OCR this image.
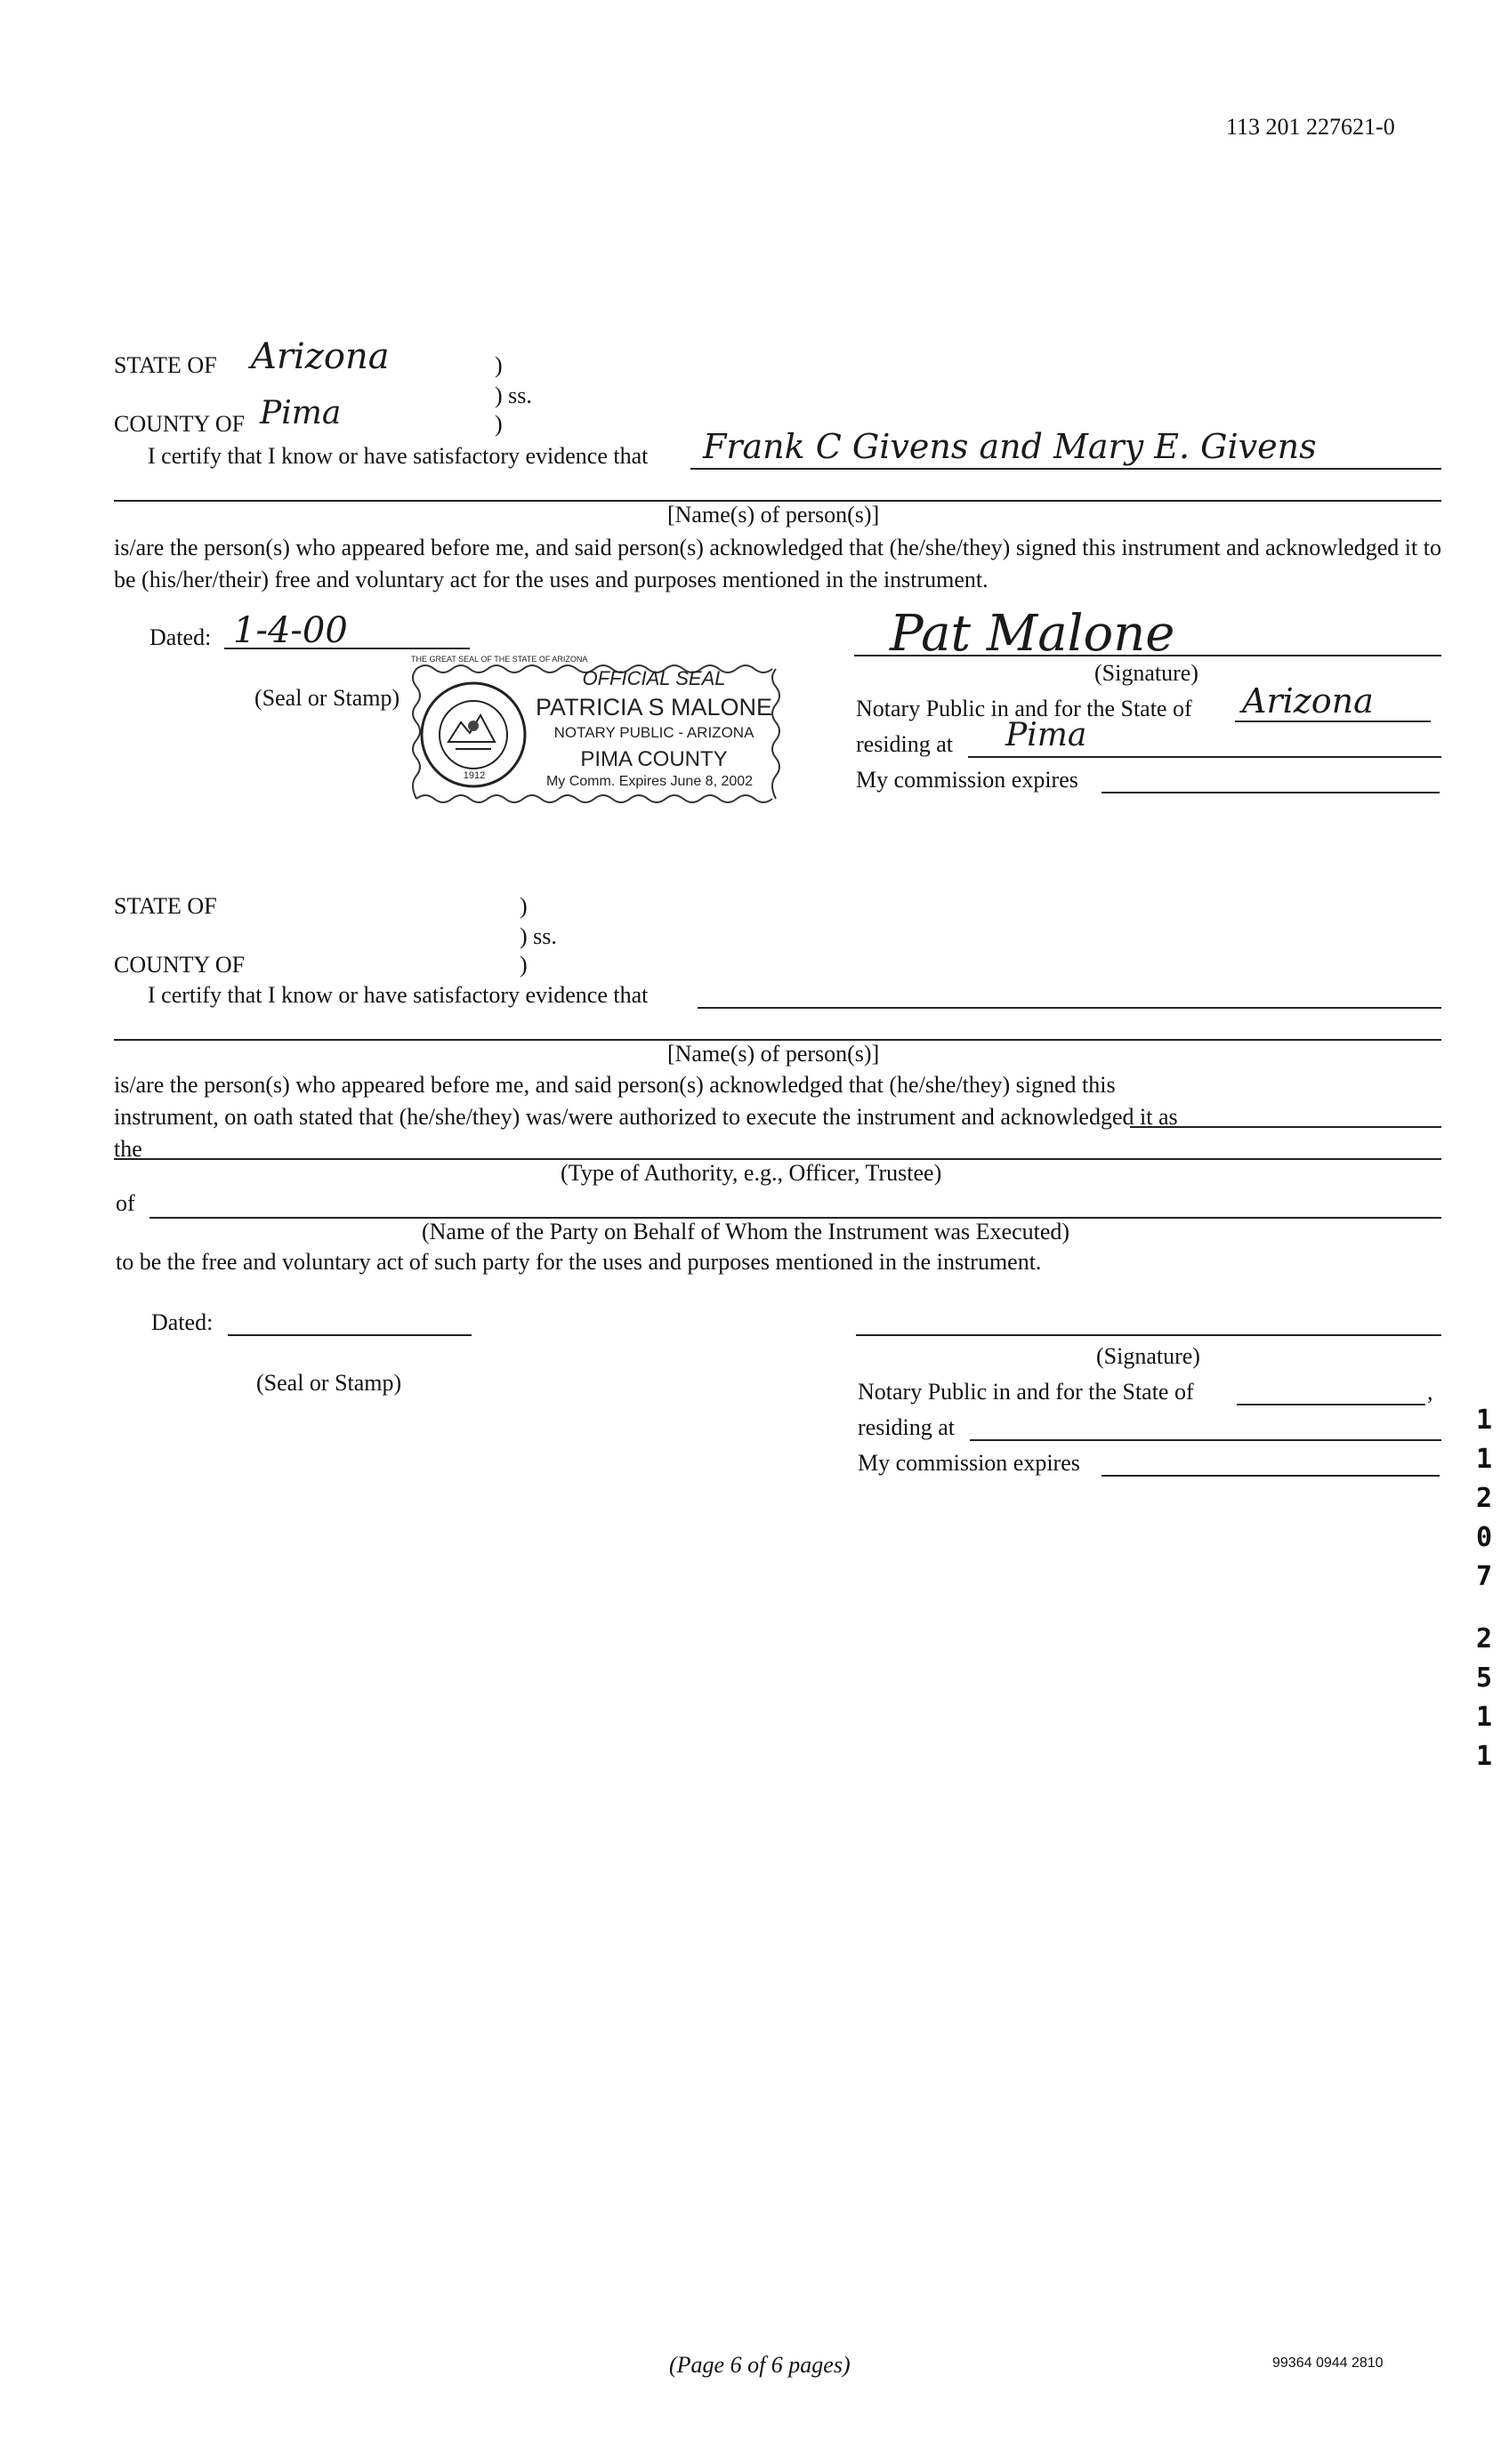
113 201 227621-0
STATE OF Arizona	)
) ss.
COUNTY OF Pima	)
I certify that I know or have satisfactory evidence that Frank C Givens and Mary E. Givens
[Name(s) of person(s)]
is/are the person(s) who appeared before me, and said person(s) acknowledged that (he/she/they) signed this instrument and acknowledged it to be (his/her/their) free and voluntary act for the uses and purposes mentioned in the instrument.
Dated: 1-4-00
(Seal or Stamp)
THE GREAT SEAL OF THE STATE OF ARIZONA
1912
OFFICIAL SEAL
PATRICIA S MALONE
NOTARY PUBLIC - ARIZONA
PIMA COUNTY
My Comm. Expires June 8, 2002
Pat Malone
(Signature)
Notary Public in and for the State of Arizona
residing at Pima
My commission expires
STATE OF	)
) ss.
COUNTY OF	)
I certify that I know or have satisfactory evidence that
[Name(s) of person(s)]
is/are the person(s) who appeared before me, and said person(s) acknowledged that (he/she/they) signed this instrument, on oath stated that (he/she/they) was/were authorized to execute the instrument and acknowledged it as the
(Type of Authority, e.g., Officer, Trustee)
of
(Name of the Party on Behalf of Whom the Instrument was Executed)
to be the free and voluntary act of such party for the uses and purposes mentioned in the instrument.
Dated:
(Seal or Stamp)
(Signature)
Notary Public in and for the State of	,
residing at
My commission expires
1
1
2
0
7
2
5
1
1
(Page 6 of 6 pages)	99364 0944 2810
